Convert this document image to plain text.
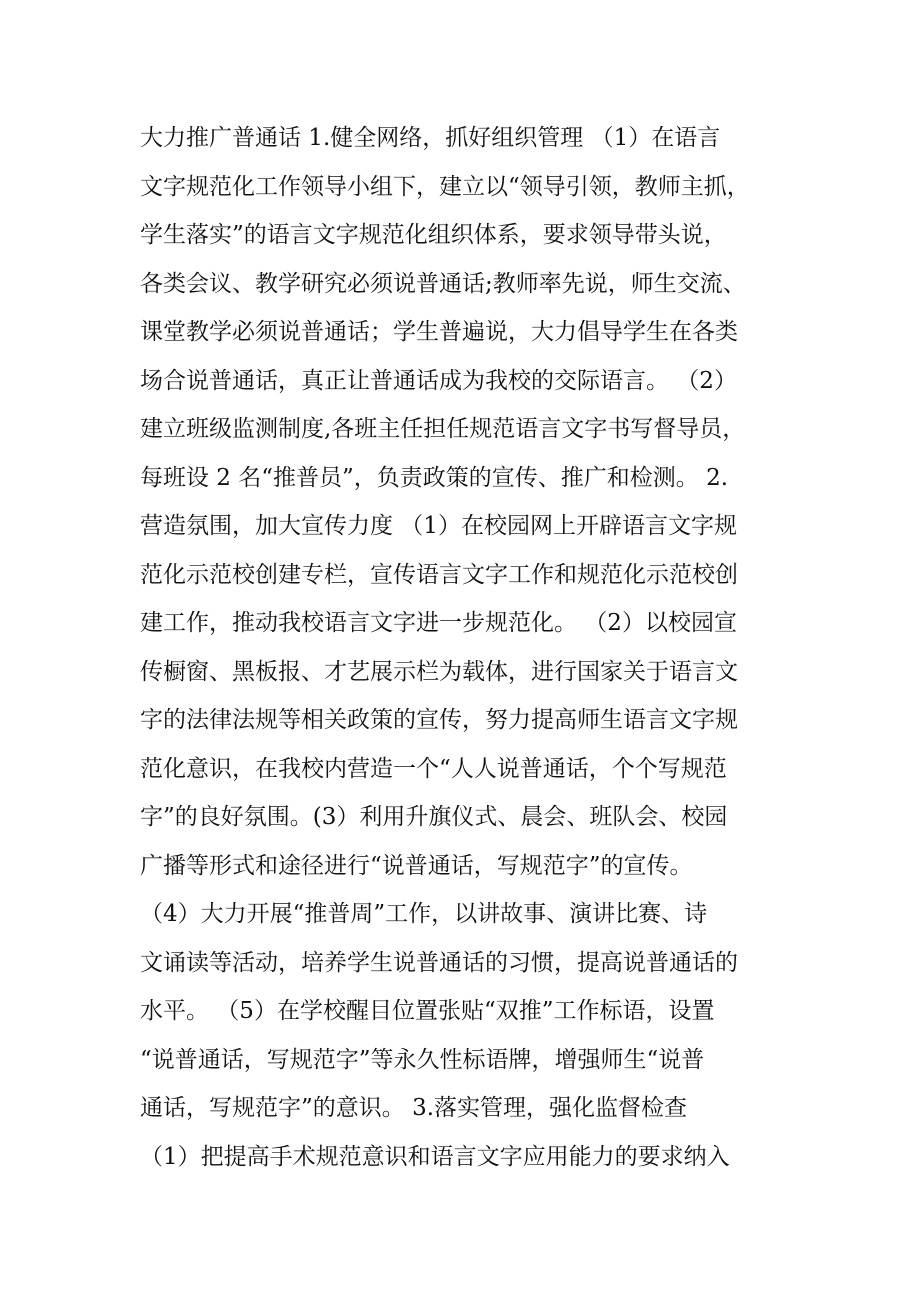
大力推广普通话 1.健全网络，抓好组织管理 （1）在语言
文字规范化工作领导小组下，建立以“领导引领，教师主抓，
学生落实”的语言文字规范化组织体系，要求领导带头说，
各类会议、教学研究必须说普通话;教师率先说，师生交流、
课堂教学必须说普通话；学生普遍说，大力倡导学生在各类
场合说普通话，真正让普通话成为我校的交际语言。 （2）
建立班级监测制度,各班主任担任规范语言文字书写督导员，
每班设 2 名“推普员”，负责政策的宣传、推广和检测。 2.
营造氛围，加大宣传力度 （1）在校园网上开辟语言文字规
范化示范校创建专栏，宣传语言文字工作和规范化示范校创
建工作，推动我校语言文字进一步规范化。 （2）以校园宣
传橱窗、黑板报、才艺展示栏为载体，进行国家关于语言文
字的法律法规等相关政策的宣传，努力提高师生语言文字规
范化意识，在我校内营造一个“人人说普通话，个个写规范
字”的良好氛围。(3）利用升旗仪式、晨会、班队会、校园
广播等形式和途径进行“说普通话，写规范字”的宣传。
（4）大力开展“推普周”工作，以讲故事、演讲比赛、诗
文诵读等活动，培养学生说普通话的习惯，提高说普通话的
水平。 （5）在学校醒目位置张贴“双推”工作标语，设置
“说普通话，写规范字”等永久性标语牌，增强师生“说普
通话，写规范字”的意识。 3.落实管理，强化监督检查
（1）把提高手术规范意识和语言文字应用能力的要求纳入
